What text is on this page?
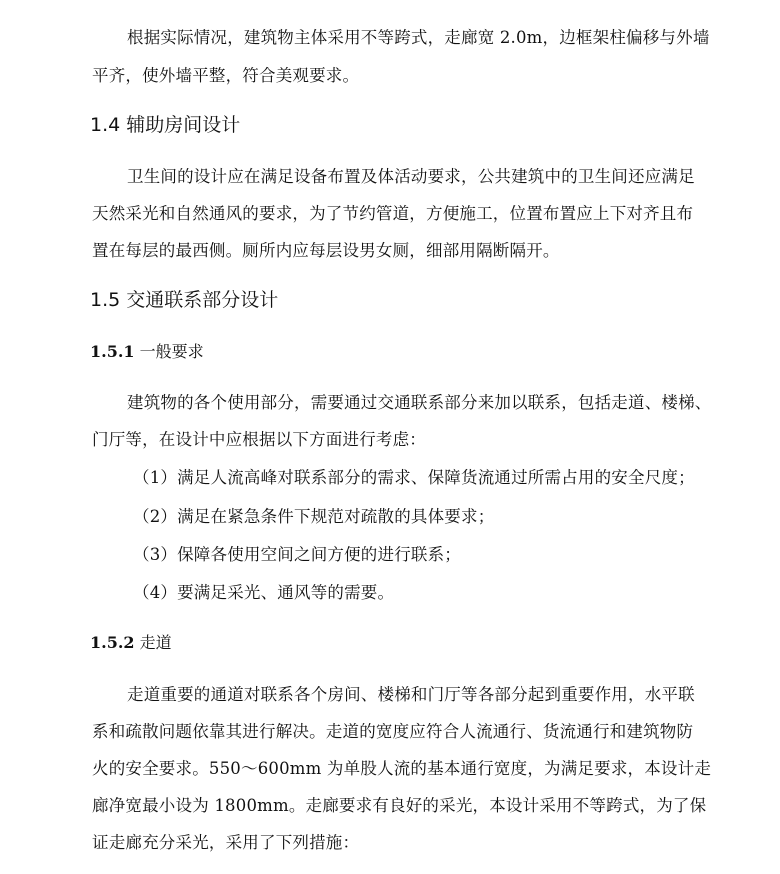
根据实际情况，建筑物主体采用不等跨式，走廊宽 2.0m，边框架柱偏移与外墙
平齐，使外墙平整，符合美观要求。
1.4 辅助房间设计
卫生间的设计应在满足设备布置及体活动要求，公共建筑中的卫生间还应满足
天然采光和自然通风的要求，为了节约管道，方便施工，位置布置应上下对齐且布
置在每层的最西侧。厕所内应每层设男女厕，细部用隔断隔开。
1.5 交通联系部分设计
1.5.1 一般要求
建筑物的各个使用部分，需要通过交通联系部分来加以联系，包括走道、楼梯、
门厅等，在设计中应根据以下方面进行考虑：
（1）满足人流高峰对联系部分的需求、保障货流通过所需占用的安全尺度；
（2）满足在紧急条件下规范对疏散的具体要求；
（3）保障各使用空间之间方便的进行联系；
（4）要满足采光、通风等的需要。
1.5.2 走道
走道重要的通道对联系各个房间、楼梯和门厅等各部分起到重要作用，水平联
系和疏散问题依靠其进行解决。走道的宽度应符合人流通行、货流通行和建筑物防
火的安全要求。550～600mm 为单股人流的基本通行宽度，为满足要求，本设计走
廊净宽最小设为 1800mm。走廊要求有良好的采光，本设计采用不等跨式，为了保
证走廊充分采光，采用了下列措施：
